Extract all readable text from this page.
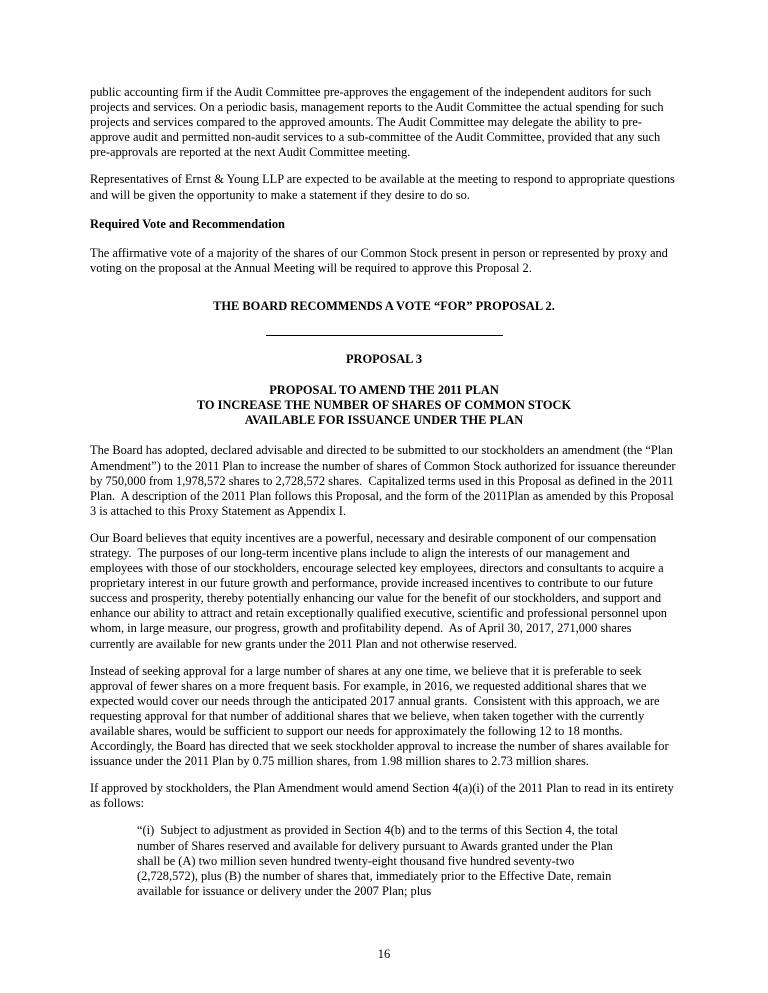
public accounting firm if the Audit Committee pre-approves the engagement of the independent auditors for such projects and services. On a periodic basis, management reports to the Audit Committee the actual spending for such projects and services compared to the approved amounts. The Audit Committee may delegate the ability to pre-approve audit and permitted non-audit services to a sub-committee of the Audit Committee, provided that any such pre-approvals are reported at the next Audit Committee meeting.

Representatives of Ernst & Young LLP are expected to be available at the meeting to respond to appropriate questions and will be given the opportunity to make a statement if they desire to do so.

Required Vote and Recommendation

The affirmative vote of a majority of the shares of our Common Stock present in person or represented by proxy and voting on the proposal at the Annual Meeting will be required to approve this Proposal 2.

THE BOARD RECOMMENDS A VOTE “FOR” PROPOSAL 2.

PROPOSAL 3

PROPOSAL TO AMEND THE 2011 PLAN
TO INCREASE THE NUMBER OF SHARES OF COMMON STOCK
AVAILABLE FOR ISSUANCE UNDER THE PLAN

The Board has adopted, declared advisable and directed to be submitted to our stockholders an amendment (the “Plan Amendment”) to the 2011 Plan to increase the number of shares of Common Stock authorized for issuance thereunder by 750,000 from 1,978,572 shares to 2,728,572 shares.  Capitalized terms used in this Proposal as defined in the 2011 Plan.  A description of the 2011 Plan follows this Proposal, and the form of the 2011Plan as amended by this Proposal 3 is attached to this Proxy Statement as Appendix I.

Our Board believes that equity incentives are a powerful, necessary and desirable component of our compensation strategy.  The purposes of our long-term incentive plans include to align the interests of our management and employees with those of our stockholders, encourage selected key employees, directors and consultants to acquire a proprietary interest in our future growth and performance, provide increased incentives to contribute to our future success and prosperity, thereby potentially enhancing our value for the benefit of our stockholders, and support and enhance our ability to attract and retain exceptionally qualified executive, scientific and professional personnel upon whom, in large measure, our progress, growth and profitability depend.  As of April 30, 2017, 271,000 shares currently are available for new grants under the 2011 Plan and not otherwise reserved.

Instead of seeking approval for a large number of shares at any one time, we believe that it is preferable to seek approval of fewer shares on a more frequent basis. For example, in 2016, we requested additional shares that we expected would cover our needs through the anticipated 2017 annual grants.  Consistent with this approach, we are requesting approval for that number of additional shares that we believe, when taken together with the currently available shares, would be sufficient to support our needs for approximately the following 12 to 18 months.  Accordingly, the Board has directed that we seek stockholder approval to increase the number of shares available for issuance under the 2011 Plan by 0.75 million shares, from 1.98 million shares to 2.73 million shares.

If approved by stockholders, the Plan Amendment would amend Section 4(a)(i) of the 2011 Plan to read in its entirety as follows:

“(i)  Subject to adjustment as provided in Section 4(b) and to the terms of this Section 4, the total number of Shares reserved and available for delivery pursuant to Awards granted under the Plan shall be (A) two million seven hundred twenty-eight thousand five hundred seventy-two (2,728,572), plus (B) the number of shares that, immediately prior to the Effective Date, remain available for issuance or delivery under the 2007 Plan; plus

16
